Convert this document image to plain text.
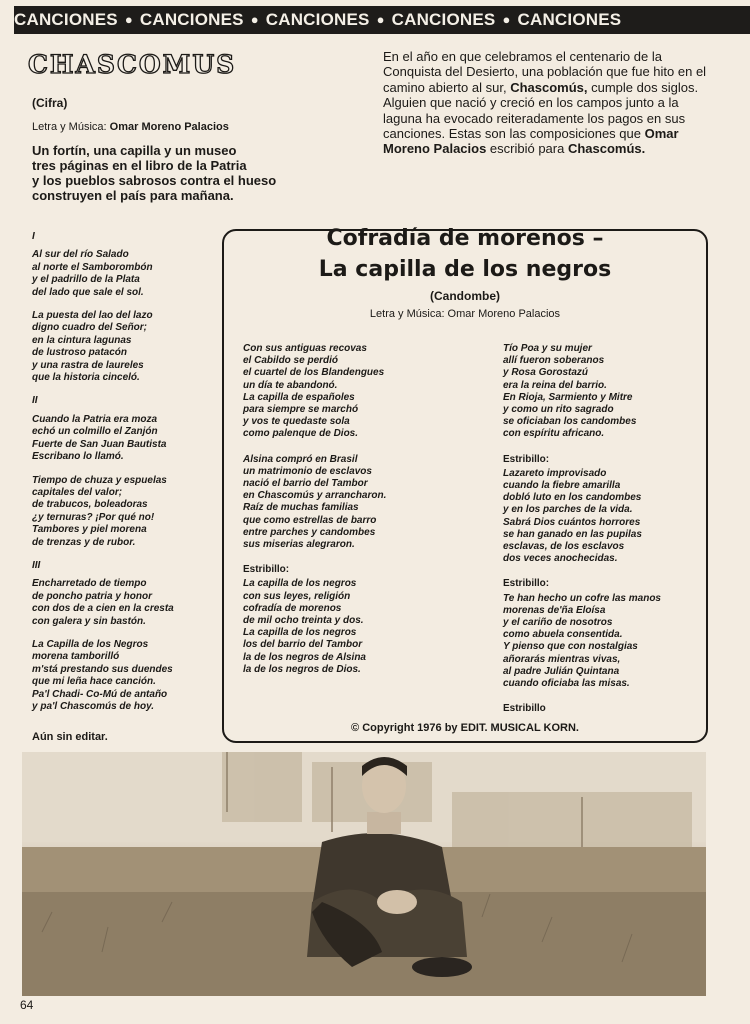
CANCIONES ● CANCIONES ● CANCIONES ● CANCIONES ● CANCIONES
CHASCOMUS
(Cifra)
Letra y Música: Omar Moreno Palacios
Un fortín, una capilla y un museo
tres páginas en el libro de la Patria
y los pueblos sabrosos contra el hueso
construyen el país para mañana.
En el año en que celebramos el centenario de la Conquista del Desierto, una población que fue hito en el camino abierto al sur, Chascomús, cumple dos siglos. Alguien que nació y creció en los campos junto a la laguna ha evocado reiteradamente los pagos en sus canciones. Estas son las composiciones que Omar Moreno Palacios escribió para Chascomús.
I
Al sur del río Salado
al norte el Samborombón
y el padrillo de la Plata
del lado que sale el sol.
La puesta del lao del lazo
digno cuadro del Señor;
en la cintura lagunas
de lustroso patacón
y una rastra de laureles
que la historia cinceló.
II
Cuando la Patria era moza
echó un colmillo el Zanjón
Fuerte de San Juan Bautista
Escribano lo llamó.
Tiempo de chuza y espuelas
capitales del valor;
de trabucos, boleadoras
¿y ternuras? ¡Por qué no!
Tambores y piel morena
de trenzas y de rubor.
III
Encharretado de tiempo
de poncho patria y honor
con dos de a cien en la cresta
con galera y sin bastón.
La Capilla de los Negros
morena tamborilló
m'stá prestando sus duendes
que mi leña hace canción.
Pa'l Chadi- Co-Mú de antaño
y pa'l Chascomús de hoy.
Aún sin editar.
Cofradía de morenos –
La capilla de los negros
(Candombe)
Letra y Música: Omar Moreno Palacios
Con sus antiguas recovas
el Cabildo se perdió
el cuartel de los Blandengues
un día te abandonó.
La capilla de españoles
para siempre se marchó
y vos te quedaste sola
como palenque de Dios.
Alsina compró en Brasil
un matrimonio de esclavos
nació el barrio del Tambor
en Chascomús y arrancharon.
Raíz de muchas familias
que como estrellas de barro
entre parches y candombes
sus miserias alegraron.
Estribillo:
La capilla de los negros
con sus leyes, religión
cofradía de morenos
de mil ocho treinta y dos.
La capilla de los negros
los del barrio del Tambor
la de los negros de Alsina
la de los negros de Dios.
Tío Poa y su mujer
allí fueron soberanos
y Rosa Gorostazú
era la reina del barrio.
En Rioja, Sarmiento y Mitre
y como un rito sagrado
se oficiaban los candombes
con espíritu africano.
Estribillo:
Lazareto improvisado
cuando la fiebre amarilla
dobló luto en los candombes
y en los parches de la vida.
Sabrá Dios cuántos horrores
se han ganado en las pupilas
esclavas, de los esclavos
dos veces anochecidas.
Estribillo:
Te han hecho un cofre las manos
morenas de'ña Eloísa
y el cariño de nosotros
como abuela consentida.
Y pienso que con nostalgias
añorarás mientras vivas,
al padre Julián Quintana
cuando oficiaba las misas.
Estribillo
© Copyright 1976 by EDIT. MUSICAL KORN.
64
